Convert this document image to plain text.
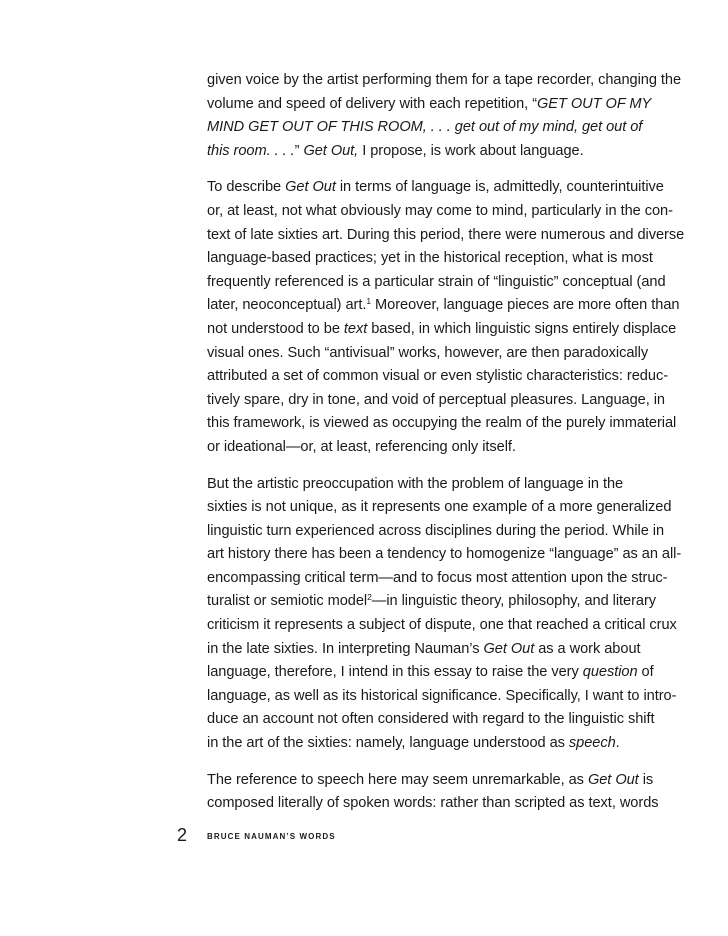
given voice by the artist performing them for a tape recorder, changing the
volume and speed of delivery with each repetition, “GET OUT OF MY
MIND GET OUT OF THIS ROOM, . . . get out of my mind, get out of
this room. . . .” Get Out, I propose, is work about language.

To describe Get Out in terms of language is, admittedly, counterintuitive
or, at least, not what obviously may come to mind, particularly in the con-
text of late sixties art. During this period, there were numerous and diverse
language-based practices; yet in the historical reception, what is most
frequently referenced is a particular strain of “linguistic” conceptual (and
later, neoconceptual) art.$^1$ Moreover, language pieces are more often than
not understood to be text based, in which linguistic signs entirely displace
visual ones. Such “antivisual” works, however, are then paradoxically
attributed a set of common visual or even stylistic characteristics: reduc-
tively spare, dry in tone, and void of perceptual pleasures. Language, in
this framework, is viewed as occupying the realm of the purely immaterial
or ideational—or, at least, referencing only itself.

But the artistic preoccupation with the problem of language in the
sixties is not unique, as it represents one example of a more generalized
linguistic turn experienced across disciplines during the period. While in
art history there has been a tendency to homogenize “language” as an all-
encompassing critical term—and to focus most attention upon the struc-
turalist or semiotic model$^2$—in linguistic theory, philosophy, and literary
criticism it represents a subject of dispute, one that reached a critical crux
in the late sixties. In interpreting Nauman’s Get Out as a work about
language, therefore, I intend in this essay to raise the very question of
language, as well as its historical significance. Specifically, I want to intro-
duce an account not often considered with regard to the linguistic shift
in the art of the sixties: namely, language understood as speech.

The reference to speech here may seem unremarkable, as Get Out is
composed literally of spoken words: rather than scripted as text, words

2 BRUCE NAUMAN’S WORDS
